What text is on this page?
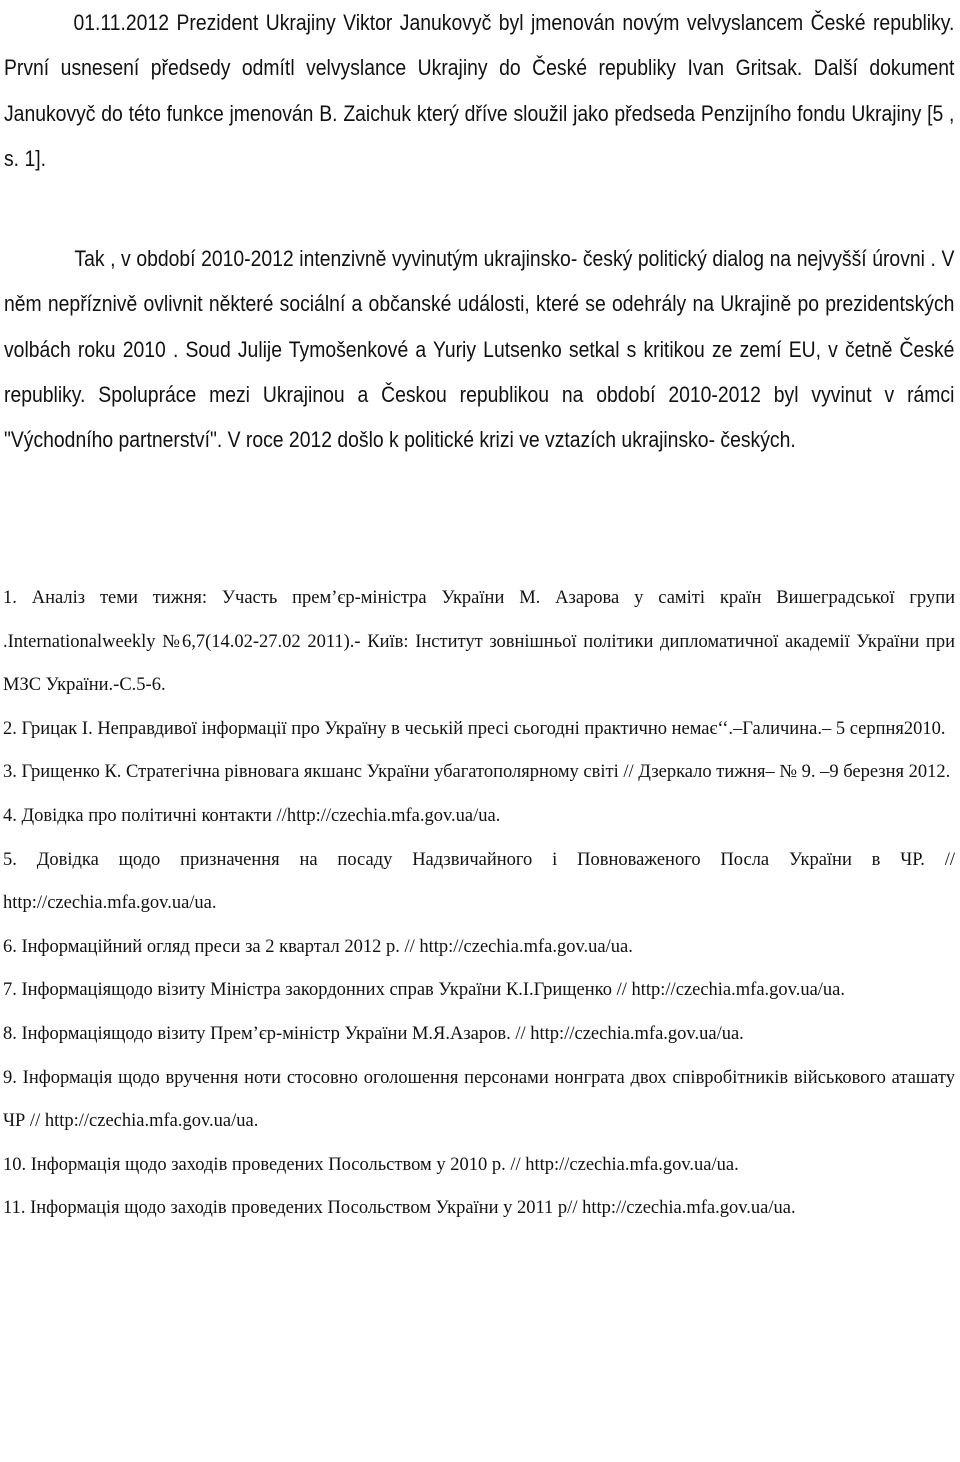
01.11.2012 Prezident Ukrajiny Viktor Janukovyč byl jmenován novým velvyslancem České republiky. První usnesení předsedy odmítl velvyslance Ukrajiny do České republiky Ivan Gritsak. Další dokument Janukovyč do této funkce jmenován B. Zaichuk který dříve sloužil jako předseda Penzijního fondu Ukrajiny [5 , s. 1].

Tak , v období 2010-2012 intenzivně vyvinutým ukrajinsko- český politický dialog na nejvyšší úrovni . V něm nepříznivě ovlivnit některé sociální a občanské události, které se odehrály na Ukrajině po prezidentských volbách roku 2010 . Soud Julije Tymošenkové a Yuriy Lutsenko setkal s kritikou ze zemí EU, v četně České republiky. Spolupráce mezi Ukrajinou a Českou republikou na období 2010-2012 byl vyvinut v rámci "Východního partnerství". V roce 2012 došlo k politické krizi ve vztazích ukrajinsko- českých.

1. Аналіз теми тижня: Участь прем’єр-міністра України М. Азарова у саміті країн Вишеградської групи .Internationalweekly №6,7(14.02-27.02 2011).- Київ: Інститут зовнішньої політики дипломатичної академії України при МЗС України.-С.5-6.

2. Грицак І. Неправдивої інформації про Україну в чеській пресі сьогодні практично немає‘‘.–Галичина.– 5 серпня2010.

3. Грищенко К. Стратегічна рівновага якшанс України убагатополярному світі // Дзеркало тижня– № 9. –9 березня 2012.

4. Довідка про політичні контакти //http://czechia.mfa.gov.ua/ua.

5. Довідка щодо призначення на посаду Надзвичайного і Повноваженого Посла України в ЧР. // http://czechia.mfa.gov.ua/ua.

6. Інформаційний огляд преси за 2 квартал 2012 р. // http://czechia.mfa.gov.ua/ua.

7. Інформаціящодо візиту Міністра закордонних справ України К.І.Грищенко // http://czechia.mfa.gov.ua/ua.

8. Інформаціящодо візиту Прем’єр-міністр України М.Я.Азаров. // http://czechia.mfa.gov.ua/ua.

9. Інформація щодо вручення ноти стосовно оголошення персонами нонграта двох співробітників військового аташату ЧР // http://czechia.mfa.gov.ua/ua.

10. Інформація щодо заходів проведених Посольством у 2010 р. // http://czechia.mfa.gov.ua/ua.

11. Інформація щодо заходів проведених Посольством України у 2011 р// http://czechia.mfa.gov.ua/ua.
